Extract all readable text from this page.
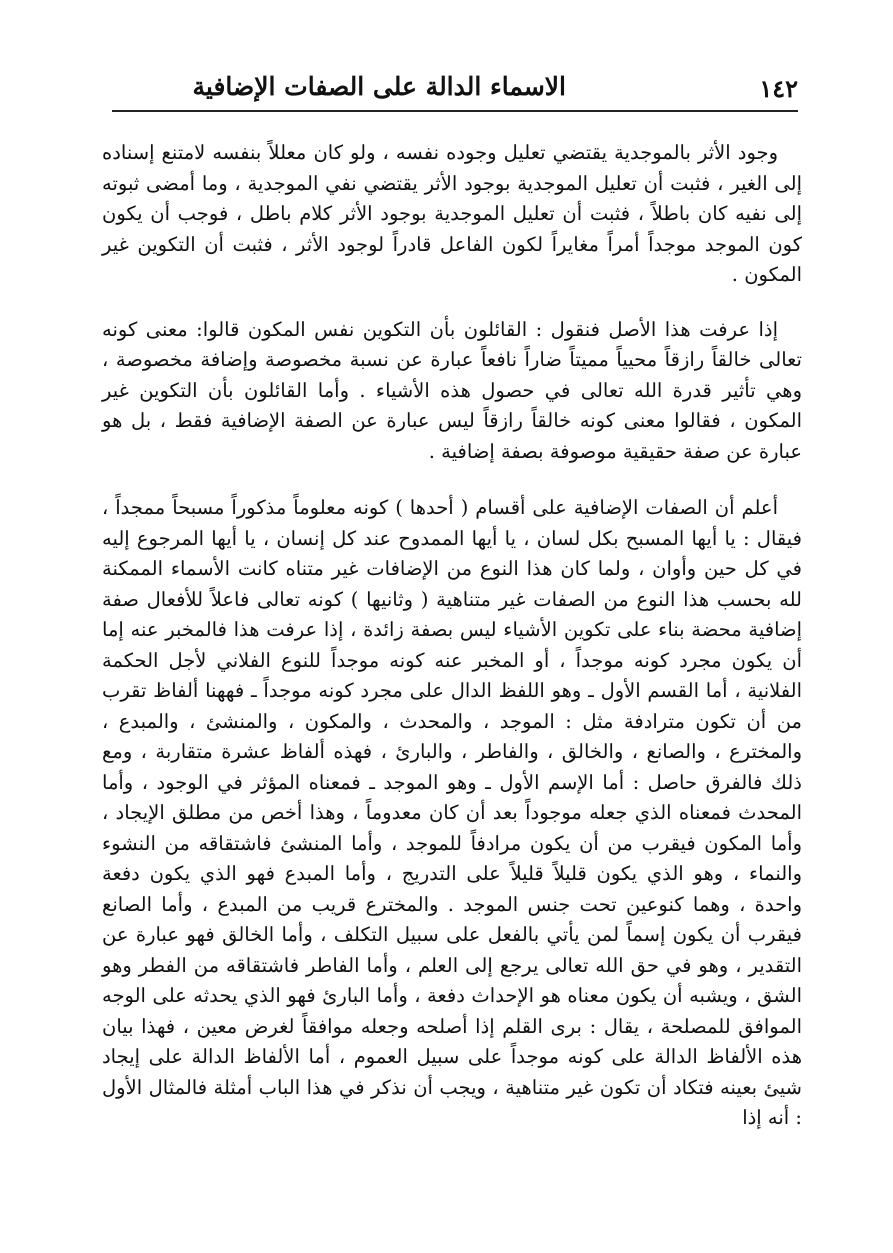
١٤٢
الاسماء الدالة على الصفات الإضافية

وجود الأثر بالموجدية يقتضي تعليل وجوده نفسه ، ولو كان معللاً بنفسه لامتنع إسناده إلى الغير ، فثبت أن تعليل الموجدية بوجود الأثر يقتضي نفي الموجدية ، وما أمضى ثبوته إلى نفيه كان باطلاً ، فثبت أن تعليل الموجدية بوجود الأثر كلام باطل ، فوجب أن يكون كون الموجد موجداً أمراً مغايراً لكون الفاعل قادراً لوجود الأثر ، فثبت أن التكوين غير المكون .

إذا عرفت هذا الأصل فنقول : القائلون بأن التكوين نفس المكون قالوا: معنى كونه تعالى خالقاً رازقاً محيياً مميتاً ضاراً نافعاً عبارة عن نسبة مخصوصة وإضافة مخصوصة ، وهي تأثير قدرة الله تعالى في حصول هذه الأشياء . وأما القائلون بأن التكوين غير المكون ، فقالوا معنى كونه خالقاً رازقاً ليس عبارة عن الصفة الإضافية فقط ، بل هو عبارة عن صفة حقيقية موصوفة بصفة إضافية .

أعلم أن الصفات الإضافية على أقسام ( أحدها ) كونه معلوماً مذكوراً مسبحاً ممجداً ، فيقال : يا أيها المسبح بكل لسان ، يا أيها الممدوح عند كل إنسان ، يا أيها المرجوع إليه في كل حين وأوان ، ولما كان هذا النوع من الإضافات غير متناه كانت الأسماء الممكنة لله بحسب هذا النوع من الصفات غير متناهية ( وثانيها ) كونه تعالى فاعلاً للأفعال صفة إضافية محضة بناء على تكوين الأشياء ليس بصفة زائدة ، إذا عرفت هذا فالمخبر عنه إما أن يكون مجرد كونه موجداً ، أو المخبر عنه كونه موجداً للنوع الفلاني لأجل الحكمة الفلانية ، أما القسم الأول ـ وهو اللفظ الدال على مجرد كونه موجداً ـ فههنا ألفاظ تقرب من أن تكون مترادفة مثل : الموجد ، والمحدث ، والمكون ، والمنشئ ، والمبدع ، والمخترع ، والصانع ، والخالق ، والفاطر ، والبارئ ، فهذه ألفاظ عشرة متقاربة ، ومع ذلك فالفرق حاصل : أما الإسم الأول ـ وهو الموجد ـ فمعناه المؤثر في الوجود ، وأما المحدث فمعناه الذي جعله موجوداً بعد أن كان معدوماً ، وهذا أخص من مطلق الإيجاد ، وأما المكون فيقرب من أن يكون مرادفاً للموجد ، وأما المنشئ فاشتقاقه من النشوء والنماء ، وهو الذي يكون قليلاً قليلاً على التدريج ، وأما المبدع فهو الذي يكون دفعة واحدة ، وهما كنوعين تحت جنس الموجد . والمخترع قريب من المبدع ، وأما الصانع فيقرب أن يكون إسماً لمن يأتي بالفعل على سبيل التكلف ، وأما الخالق فهو عبارة عن التقدير ، وهو في حق الله تعالى يرجع إلى العلم ، وأما الفاطر فاشتقاقه من الفطر وهو الشق ، ويشبه أن يكون معناه هو الإحداث دفعة ، وأما البارئ فهو الذي يحدثه على الوجه الموافق للمصلحة ، يقال : برى القلم إذا أصلحه وجعله موافقاً لغرض معين ، فهذا بيان هذه الألفاظ الدالة على كونه موجداً على سبيل العموم ، أما الألفاظ الدالة على إيجاد شيئ بعينه فتكاد أن تكون غير متناهية ، ويجب أن نذكر في هذا الباب أمثلة فالمثال الأول : أنه إذا
